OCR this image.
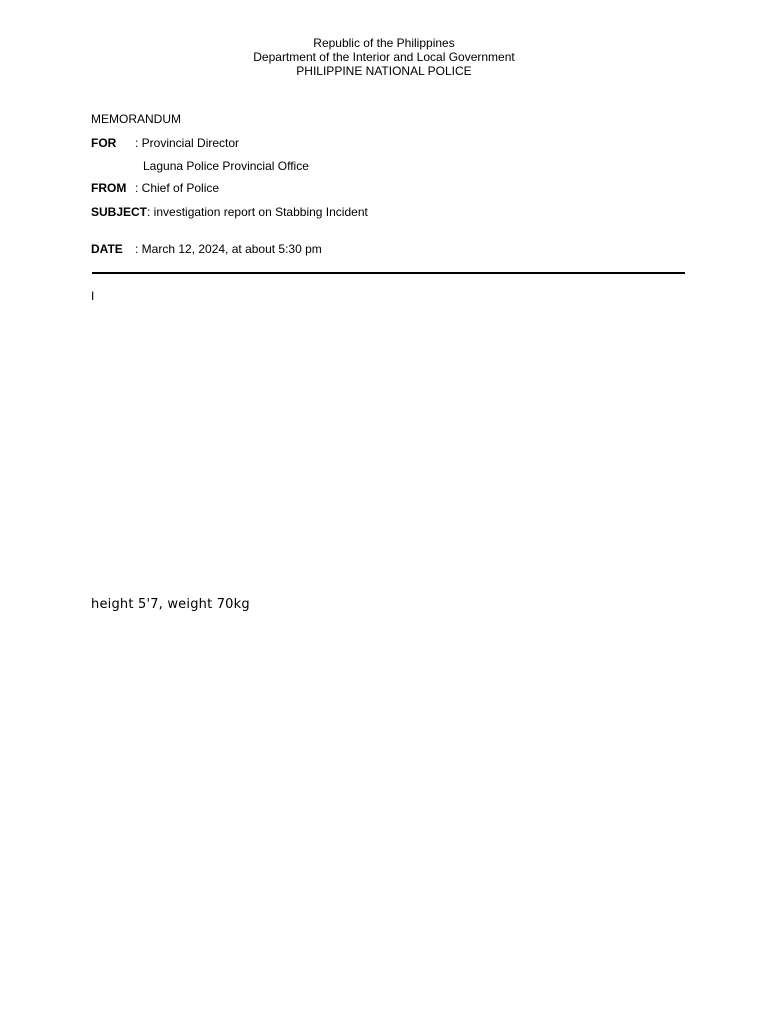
Republic of the Philippines
Department of the Interior and Local Government
PHILIPPINE NATIONAL POLICE
MEMORANDUM
FOR : Provincial Director
Laguna Police Provincial Office
FROM : Chief of Police
SUBJECT: investigation report on Stabbing Incident
DATE : March 12, 2024, at about 5:30 pm
I
height 5'7, weight 70kg
